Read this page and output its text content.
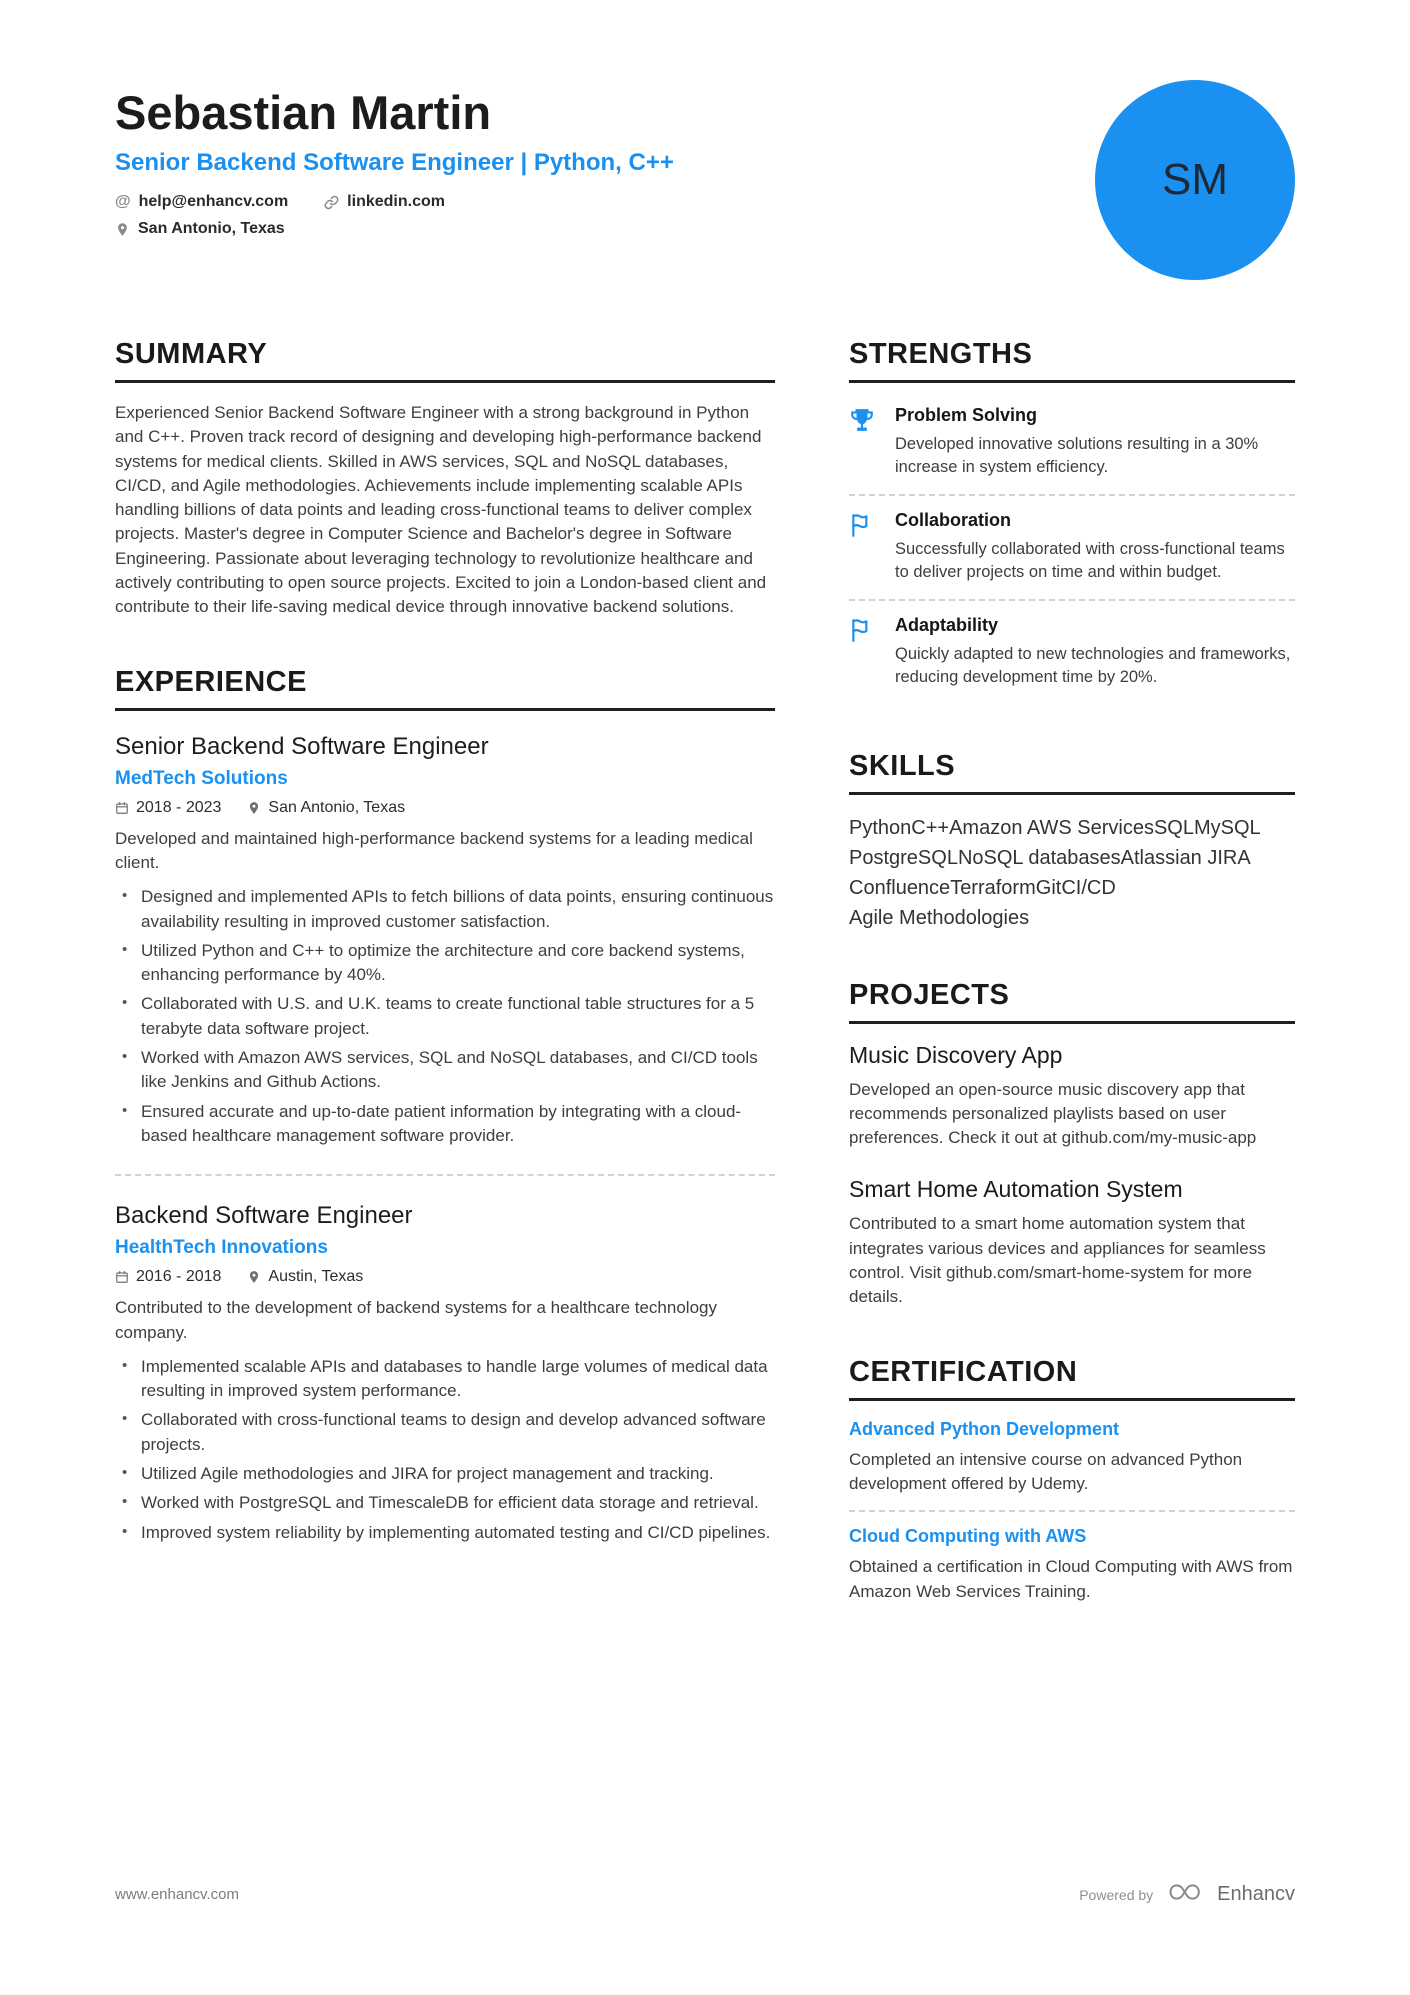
Sebastian Martin
Senior Backend Software Engineer | Python, C++
@ help@enhancv.com	linkedin.com
San Antonio, Texas
SM
SUMMARY

Experienced Senior Backend Software Engineer with a strong background in Python and C++. Proven track record of designing and developing high-performance backend systems for medical clients. Skilled in AWS services, SQL and NoSQL databases, CI/CD, and Agile methodologies. Achievements include implementing scalable APIs handling billions of data points and leading cross-functional teams to deliver complex projects. Master's degree in Computer Science and Bachelor's degree in Software Engineering. Passionate about leveraging technology to revolutionize healthcare and actively contributing to open source projects. Excited to join a London-based client and contribute to their life-saving medical device through innovative backend solutions.

EXPERIENCE
Senior Backend Software Engineer
MedTech Solutions
2018 - 2023	San Antonio, Texas
Developed and maintained high-performance backend systems for a leading medical client.
• Designed and implemented APIs to fetch billions of data points, ensuring continuous availability resulting in improved customer satisfaction.
• Utilized Python and C++ to optimize the architecture and core backend systems, enhancing performance by 40%.
• Collaborated with U.S. and U.K. teams to create functional table structures for a 5 terabyte data software project.
• Worked with Amazon AWS services, SQL and NoSQL databases, and CI/CD tools like Jenkins and Github Actions.
• Ensured accurate and up-to-date patient information by integrating with a cloud-based healthcare management software provider.
Backend Software Engineer
HealthTech Innovations
2016 - 2018	Austin, Texas
Contributed to the development of backend systems for a healthcare technology company.
• Implemented scalable APIs and databases to handle large volumes of medical data resulting in improved system performance.
• Collaborated with cross-functional teams to design and develop advanced software projects.
• Utilized Agile methodologies and JIRA for project management and tracking.
• Worked with PostgreSQL and TimescaleDB for efficient data storage and retrieval.
• Improved system reliability by implementing automated testing and CI/CD pipelines.
STRENGTHS
Problem Solving
Developed innovative solutions resulting in a 30% increase in system efficiency.
Collaboration
Successfully collaborated with cross-functional teams to deliver projects on time and within budget.
Adaptability
Quickly adapted to new technologies and frameworks, reducing development time by 20%.
SKILLS
Python C++ Amazon AWS Services SQL MySQL
PostgreSQL NoSQL databases Atlassian JIRA
Confluence Terraform Git CI/CD
Agile Methodologies
PROJECTS
Music Discovery App
Developed an open-source music discovery app that recommends personalized playlists based on user preferences. Check it out at github.com/my-music-app
Smart Home Automation System
Contributed to a smart home automation system that integrates various devices and appliances for seamless control. Visit github.com/smart-home-system for more details.
CERTIFICATION
Advanced Python Development
Completed an intensive course on advanced Python development offered by Udemy.
Cloud Computing with AWS
Obtained a certification in Cloud Computing with AWS from Amazon Web Services Training.
www.enhancv.com	Powered by	Enhancv
